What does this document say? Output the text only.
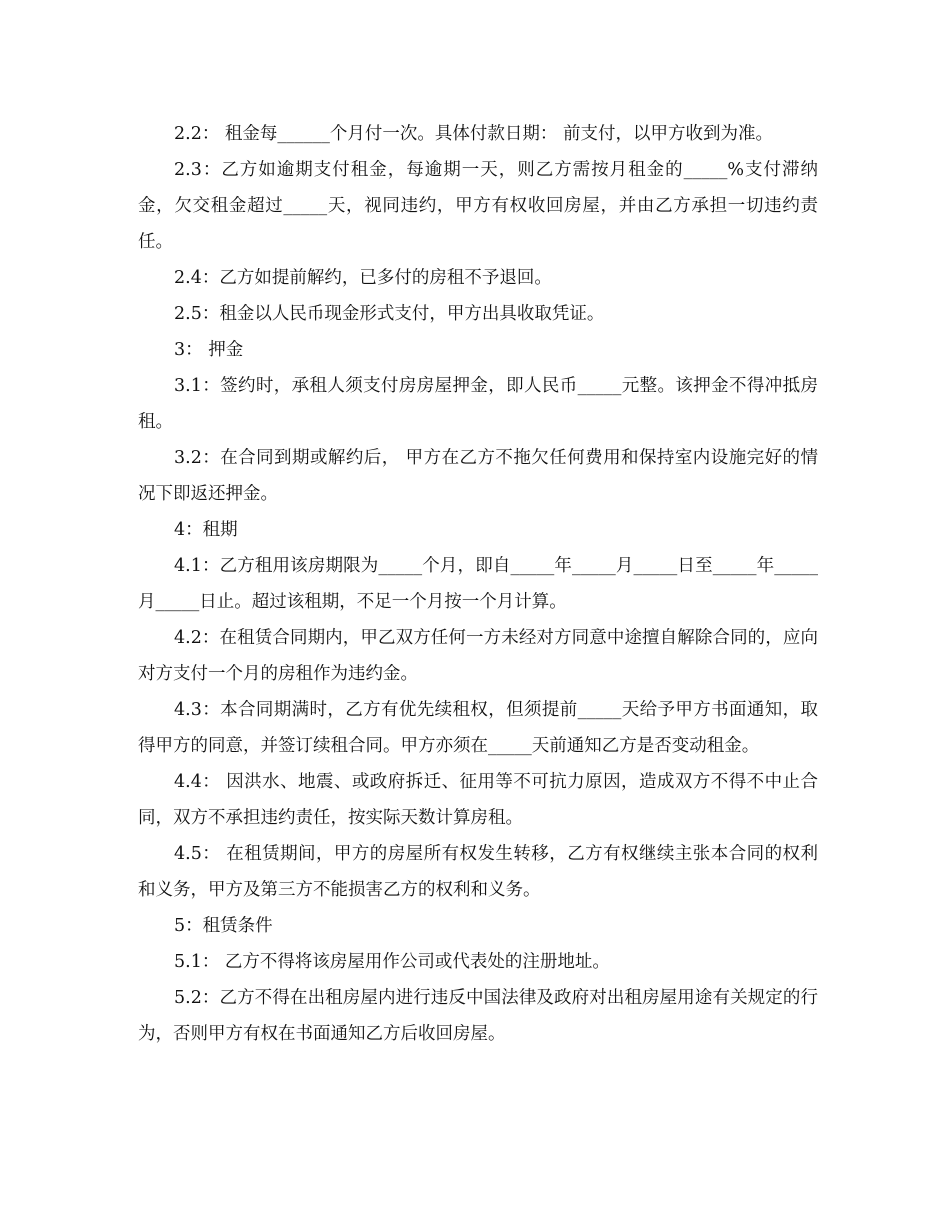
2.2： 租金每______个月付一次。具体付款日期： 前支付，以甲方收到为准。

2.3：乙方如逾期支付租金，每逾期一天，则乙方需按月租金的_____%支付滞纳金，欠交租金超过_____天，视同违约，甲方有权收回房屋，并由乙方承担一切违约责任。

2.4：乙方如提前解约，已多付的房租不予退回。

2.5：租金以人民币现金形式支付，甲方出具收取凭证。

3： 押金

3.1：签约时，承租人须支付房房屋押金，即人民币_____元整。该押金不得冲抵房租。

3.2：在合同到期或解约后， 甲方在乙方不拖欠任何费用和保持室内设施完好的情况下即返还押金。

4：租期

4.1：乙方租用该房期限为_____个月，即自_____年_____月_____日至_____年_____月_____日止。超过该租期，不足一个月按一个月计算。

4.2：在租赁合同期内，甲乙双方任何一方未经对方同意中途擅自解除合同的，应向对方支付一个月的房租作为违约金。

4.3：本合同期满时，乙方有优先续租权，但须提前_____天给予甲方书面通知，取得甲方的同意，并签订续租合同。甲方亦须在_____天前通知乙方是否变动租金。

4.4： 因洪水、地震、或政府拆迁、征用等不可抗力原因，造成双方不得不中止合同，双方不承担违约责任，按实际天数计算房租。

4.5： 在租赁期间，甲方的房屋所有权发生转移，乙方有权继续主张本合同的权利和义务，甲方及第三方不能损害乙方的权利和义务。

5：租赁条件

5.1： 乙方不得将该房屋用作公司或代表处的注册地址。

5.2：乙方不得在出租房屋内进行违反中国法律及政府对出租房屋用途有关规定的行为，否则甲方有权在书面通知乙方后收回房屋。
